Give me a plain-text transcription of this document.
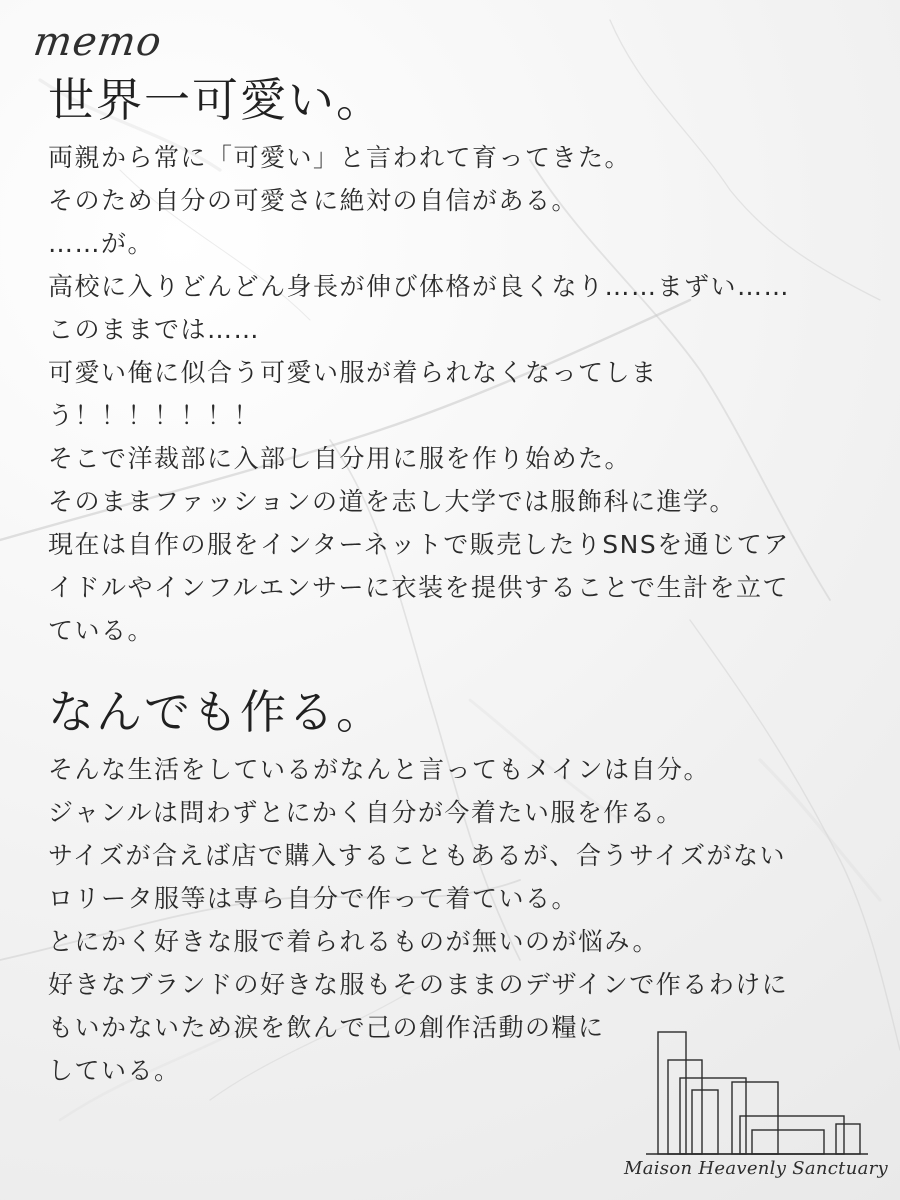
memo
世界一可愛い。
両親から常に「可愛い」と言われて育ってきた。
そのため自分の可愛さに絶対の自信がある。
……が。
高校に入りどんどん身長が伸び体格が良くなり……まずい……
このままでは……
可愛い俺に似合う可愛い服が着られなくなってしま
う！！！！！！！
そこで洋裁部に入部し自分用に服を作り始めた。
そのままファッションの道を志し大学では服飾科に進学。
現在は自作の服をインターネットで販売したりSNSを通じてア
イドルやインフルエンサーに衣装を提供することで生計を立て
ている。
なんでも作る。
そんな生活をしているがなんと言ってもメインは自分。
ジャンルは問わずとにかく自分が今着たい服を作る。
サイズが合えば店で購入することもあるが、合うサイズがない
ロリータ服等は専ら自分で作って着ている。
とにかく好きな服で着られるものが無いのが悩み。
好きなブランドの好きな服もそのままのデザインで作るわけに
もいかないため涙を飲んで己の創作活動の糧に
している。
Maison Heavenly Sanctuary
